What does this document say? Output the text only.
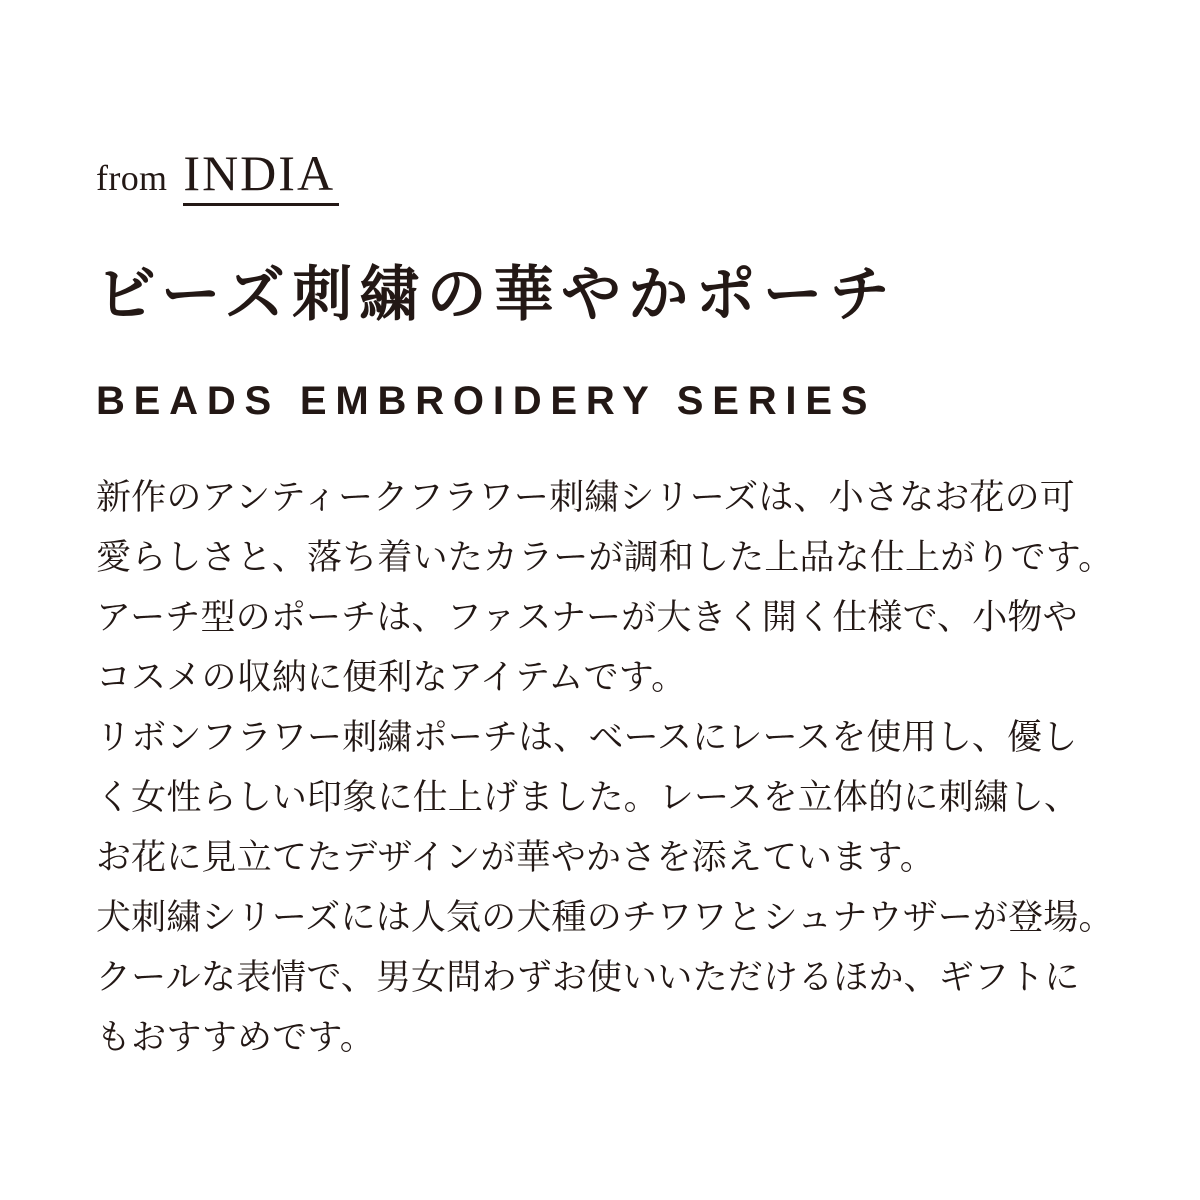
from INDIA
ビーズ刺繍の華やかポーチ
BEADS EMBROIDERY SERIES
新作のアンティークフラワー刺繍シリーズは、小さなお花の可
愛らしさと、落ち着いたカラーが調和した上品な仕上がりです。
アーチ型のポーチは、ファスナーが大きく開く仕様で、小物や
コスメの収納に便利なアイテムです。
リボンフラワー刺繍ポーチは、ベースにレースを使用し、優し
く女性らしい印象に仕上げました。レースを立体的に刺繍し、
お花に見立てたデザインが華やかさを添えています。
犬刺繍シリーズには人気の犬種のチワワとシュナウザーが登場。
クールな表情で、男女問わずお使いいただけるほか、ギフトに
もおすすめです。
